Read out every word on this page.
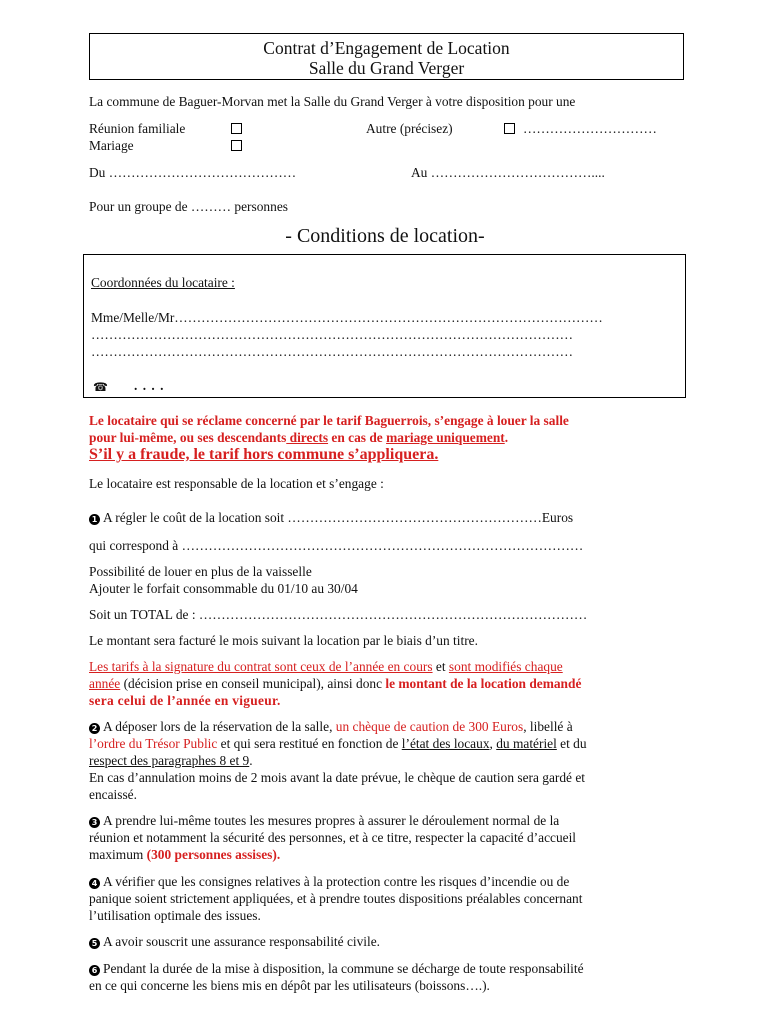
Contrat d’Engagement de Location
Salle du Grand Verger
La commune de Baguer-Morvan met la Salle du Grand Verger à votre disposition pour une
Réunion familiale
Mariage
Autre (précisez)	…………………………
Du ……………………………………	Au ………………………………....
Pour un groupe de ……… personnes
- Conditions de location-
Coordonnées du locataire :
Mme/Melle/Mr……………………………………………………………………………………
………………………………………………………………………………………………
………………………………………………………………………………………………
☎ . . . .
Le locataire qui se réclame concerné par le tarif Baguerrois, s’engage à louer la salle
pour lui-même, ou ses descendants directs en cas de mariage uniquement.
S’il y a fraude, le tarif hors commune s’appliquera.
Le locataire est responsable de la location et s’engage :
1 A régler le coût de la location soit …………………………………………………Euros
qui correspond à ………………………………………………………………………………
Possibilité de louer en plus de la vaisselle
Ajouter le forfait consommable du 01/10 au 30/04
Soit un TOTAL de : ……………………………………………………………………………
Le montant sera facturé le mois suivant la location par le biais d’un titre.
Les tarifs à la signature du contrat sont ceux de l’année en cours et sont modifiés chaque
année (décision prise en conseil municipal), ainsi donc le montant de la location demandé
sera celui de l’année en vigueur.
2 A déposer lors de la réservation de la salle, un chèque de caution de 300 Euros, libellé à
l’ordre du Trésor Public et qui sera restitué en fonction de l’état des locaux, du matériel et du
respect des paragraphes 8 et 9.
En cas d’annulation moins de 2 mois avant la date prévue, le chèque de caution sera gardé et
encaissé.
3 A prendre lui-même toutes les mesures propres à assurer le déroulement normal de la
réunion et notamment la sécurité des personnes, et à ce titre, respecter la capacité d’accueil
maximum (300 personnes assises).
4 A vérifier que les consignes relatives à la protection contre les risques d’incendie ou de
panique soient strictement appliquées, et à prendre toutes dispositions préalables concernant
l’utilisation optimale des issues.
5 A avoir souscrit une assurance responsabilité civile.
6 Pendant la durée de la mise à disposition, la commune se décharge de toute responsabilité
en ce qui concerne les biens mis en dépôt par les utilisateurs (boissons….).
